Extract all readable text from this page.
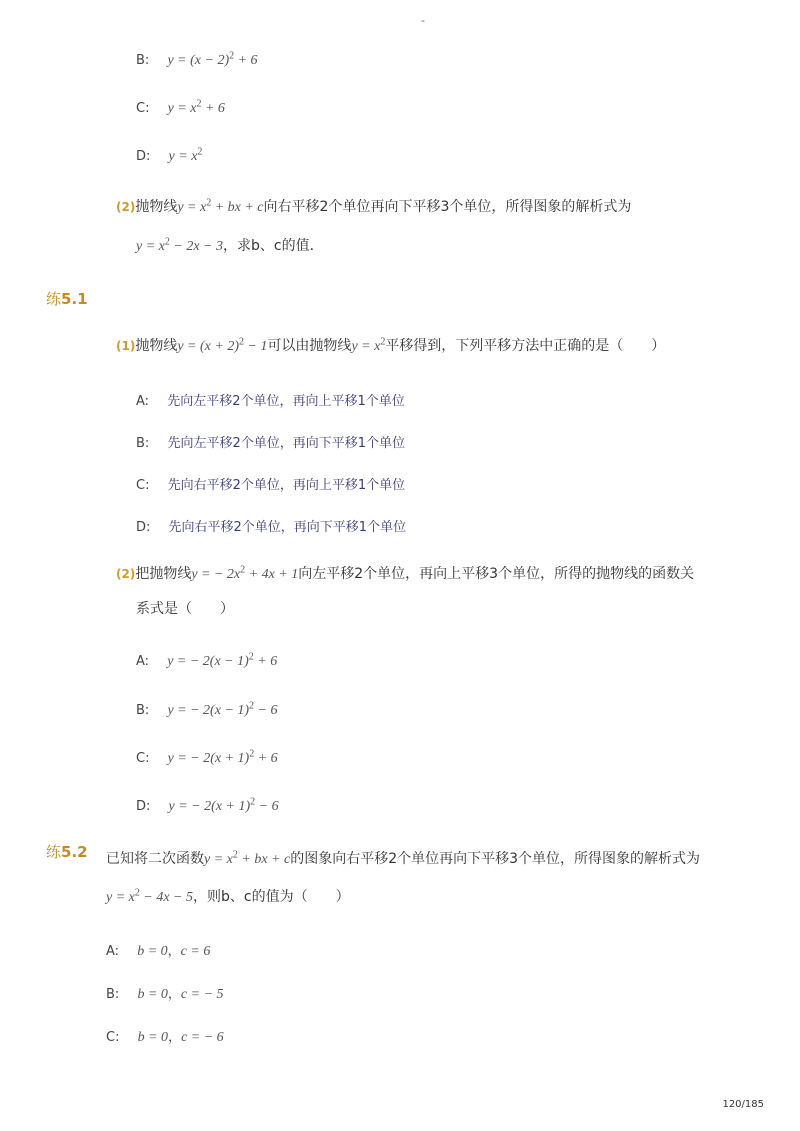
-
B: $y = (x - 2)^2 + 6$
C: $y = x^2 + 6$
D: $y = x^2$
(2)抛物线$y = x^2$ + bx + c向右平移2个单位再向下平移3个单位，所得图象的解析式为
$y = x^2 - 2x - 3$，求b、c的值．
练5.1
(1)抛物线$y = (x + 2)^2 - 1$可以由抛物线$y = x^2$平移得到，下列平移方法中正确的是（　　）
A: 先向左平移2个单位，再向上平移1个单位
B: 先向左平移2个单位，再向下平移1个单位
C: 先向右平移2个单位，再向上平移1个单位
D: 先向右平移2个单位，再向下平移1个单位
(2)把抛物线y = − $2x^2 + 4x + 1$向左平移2个单位，再向上平移3个单位，所得的抛物线的函数关
系式是（　　）
A: y = − $2(x - 1)^2 + 6$
B: y = − $2(x - 1)^2 - 6$
C: y = − $2(x + 1)^2 + 6$
D: y = − $2(x + 1)^2 - 6$
练5.2 已知将二次函数$y = x^2$ + bx + c的图象向右平移2个单位再向下平移3个单位，所得图象的解析式为
$y = x^2 - 4x - 5$，则b、c的值为（　　）
A: b = 0，c = 6
B: b = 0，c = − 5
C: b = 0，c = − 6
120/185
